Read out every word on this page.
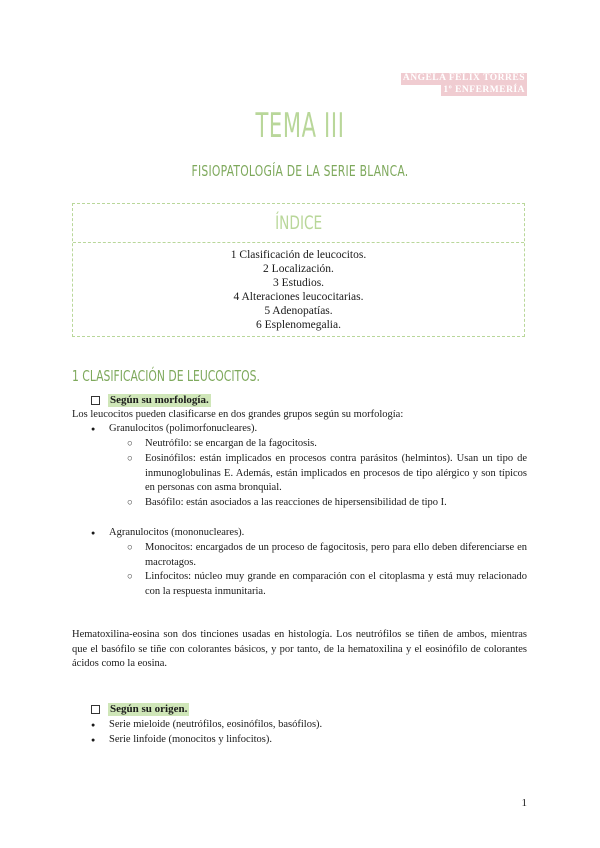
ANGELA FÉLIX TORRES
1º ENFERMERÍA
TEMA III
FISIOPATOLOGÍA DE LA SERIE BLANCA.
ÍNDICE
1 Clasificación de leucocitos.
2 Localización.
3 Estudios.
4 Alteraciones leucocitarias.
5 Adenopatías.
6 Esplenomegalia.
1 CLASIFICACIÓN DE LEUCOCITOS.
Según su morfología.
Los leucocitos pueden clasificarse en dos grandes grupos según su morfología:
● Granulocitos (polimorfonucleares).
○ Neutrófilo: se encargan de la fagocitosis.
○ Eosinófilos: están implicados en procesos contra parásitos (helmintos). Usan un tipo de inmunoglobulinas E. Además, están implicados en procesos de tipo alérgico y son típicos en personas con asma bronquial.
○ Basófilo: están asociados a las reacciones de hipersensibilidad de tipo I.
● Agranulocitos (mononucleares).
○ Monocitos: encargados de un proceso de fagocitosis, pero para ello deben diferenciarse en macrotagos.
○ Linfocitos: núcleo muy grande en comparación con el citoplasma y está muy relacionado con la respuesta inmunitaria.
Hematoxilina-eosina son dos tinciones usadas en histología. Los neutrófilos se tiñen de ambos, mientras que el basófilo se tiñe con colorantes básicos, y por tanto, de la hematoxilina y el eosinófilo de colorantes ácidos como la eosina.
Según su origen.
● Serie mieloide (neutrófilos, eosinófilos, basófilos).
● Serie linfoide (monocitos y linfocitos).
1
